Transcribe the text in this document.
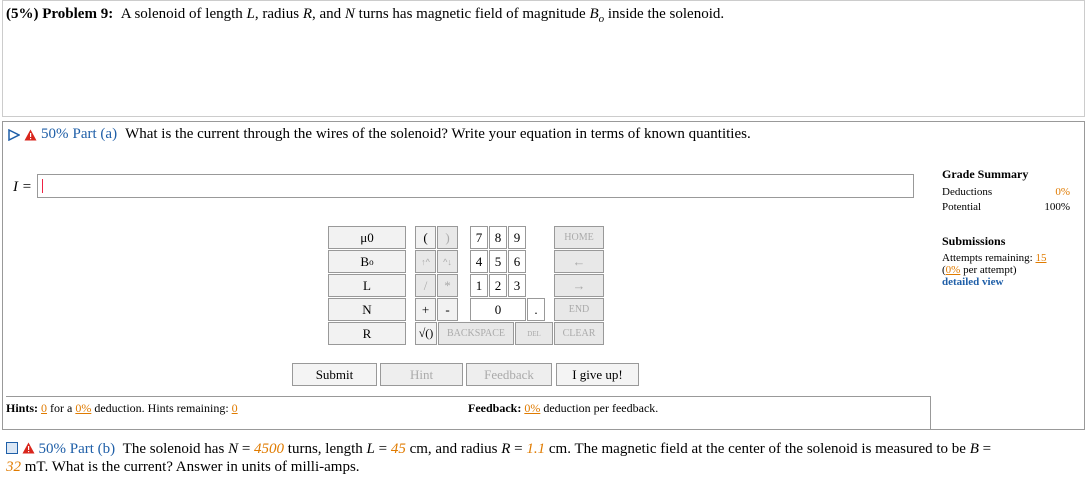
(5%) Problem 9: A solenoid of length L, radius R, and N turns has magnetic field of magnitude $B_o$ inside the solenoid.
50% Part (a) What is the current through the wires of the solenoid? Write your equation in terms of known quantities.
I =
Grade Summary
Deductions	0%
Potential	100%
Submissions
Attempts remaining: 15
(0% per attempt)
detailed view
μ0
B o
L
N
R
(	)
↑^	^↓
/	*
+	-
√()
7 8 9
4 5 6
1 2 3
0	.
HOME
←
→
END
BACKSPACE	DEL	CLEAR
Submit	Hint	Feedback	I give up!
Hints: 0 for a 0% deduction. Hints remaining: 0	Feedback: 0% deduction per feedback.
50% Part (b) The solenoid has N = 4500 turns, length L = 45 cm, and radius R = 1.1 cm. The magnetic field at the center of the solenoid is measured to be B =
32 mT. What is the current? Answer in units of milli-amps.
